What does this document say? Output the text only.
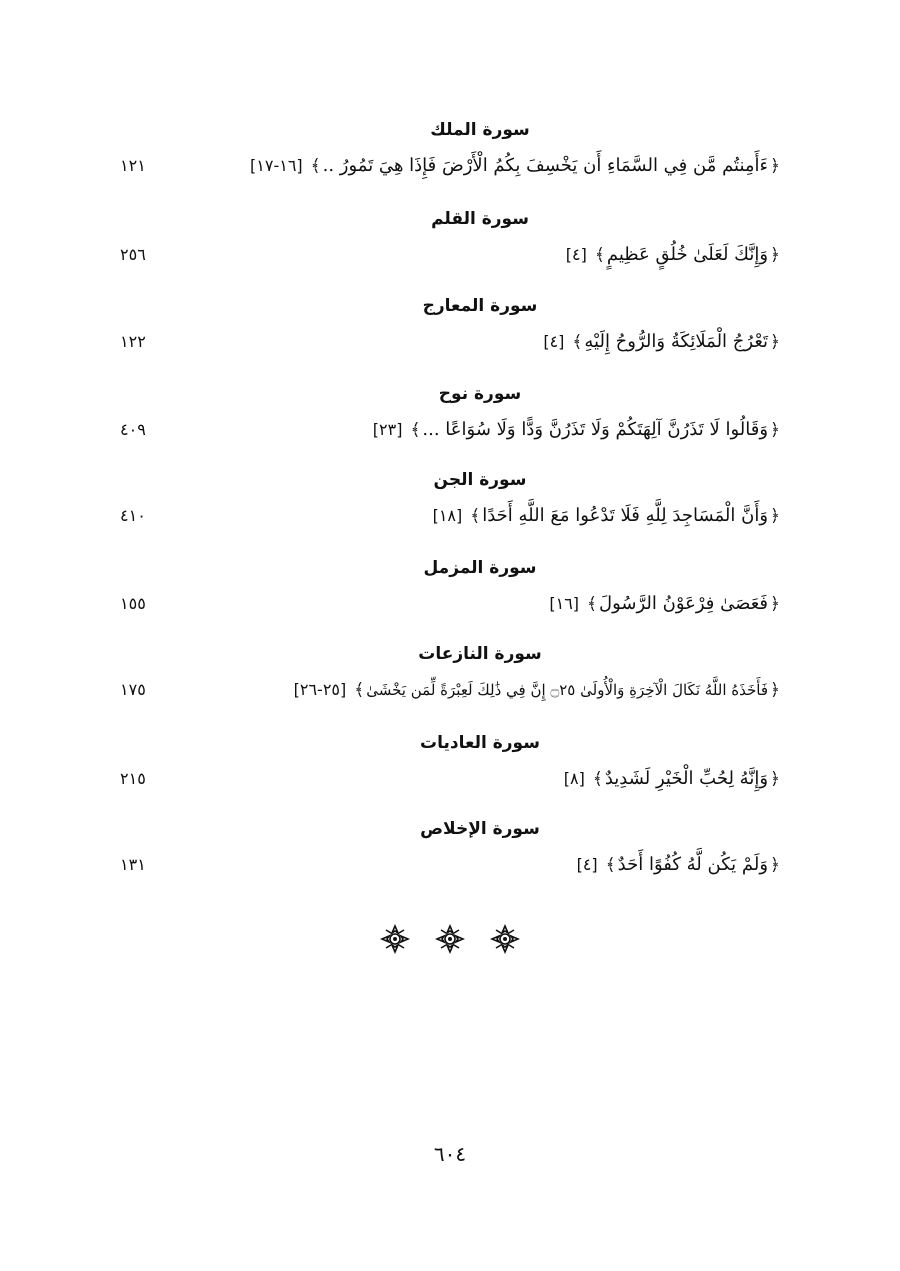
سورة الملك
﴿ءَأَمِنتُم مَّن فِي السَّمَاءِ أَن يَخْسِفَ بِكُمُ الْأَرْضَ فَإِذَا هِيَ تَمُورُ ..﴾[١٦-١٧]
١٢١
سورة القلم
﴿وَإِنَّكَ لَعَلَىٰ خُلُقٍ عَظِيمٍ﴾[٤]
٢٥٦
سورة المعارج
﴿تَعْرُجُ الْمَلَائِكَةُ وَالرُّوحُ إِلَيْهِ﴾[٤]
١٢٢
سورة نوح
﴿وَقَالُوا لَا تَذَرُنَّ آلِهَتَكُمْ وَلَا تَذَرُنَّ وَدًّا وَلَا سُوَاعًا ...﴾[٢٣]
٤٠٩
سورة الجن
﴿وَأَنَّ الْمَسَاجِدَ لِلَّهِ فَلَا تَدْعُوا مَعَ اللَّهِ أَحَدًا﴾[١٨]
٤١٠
سورة المزمل
﴿فَعَصَىٰ فِرْعَوْنُ الرَّسُولَ﴾[١٦]
١٥٥
سورة النازعات
﴿فَأَخَذَهُ اللَّهُ نَكَالَ الْآخِرَةِ وَالْأُولَىٰ ۝٢٥ إِنَّ فِي ذَٰلِكَ لَعِبْرَةً لِّمَن يَخْشَىٰ﴾[٢٥-٢٦]
١٧٥
سورة العاديات
﴿وَإِنَّهُ لِحُبِّ الْخَيْرِ لَشَدِيدٌ﴾[٨]
٢١٥
سورة الإخلاص
﴿وَلَمْ يَكُن لَّهُ كُفُوًا أَحَدٌ﴾[٤]
١٣١
٦٠٤
